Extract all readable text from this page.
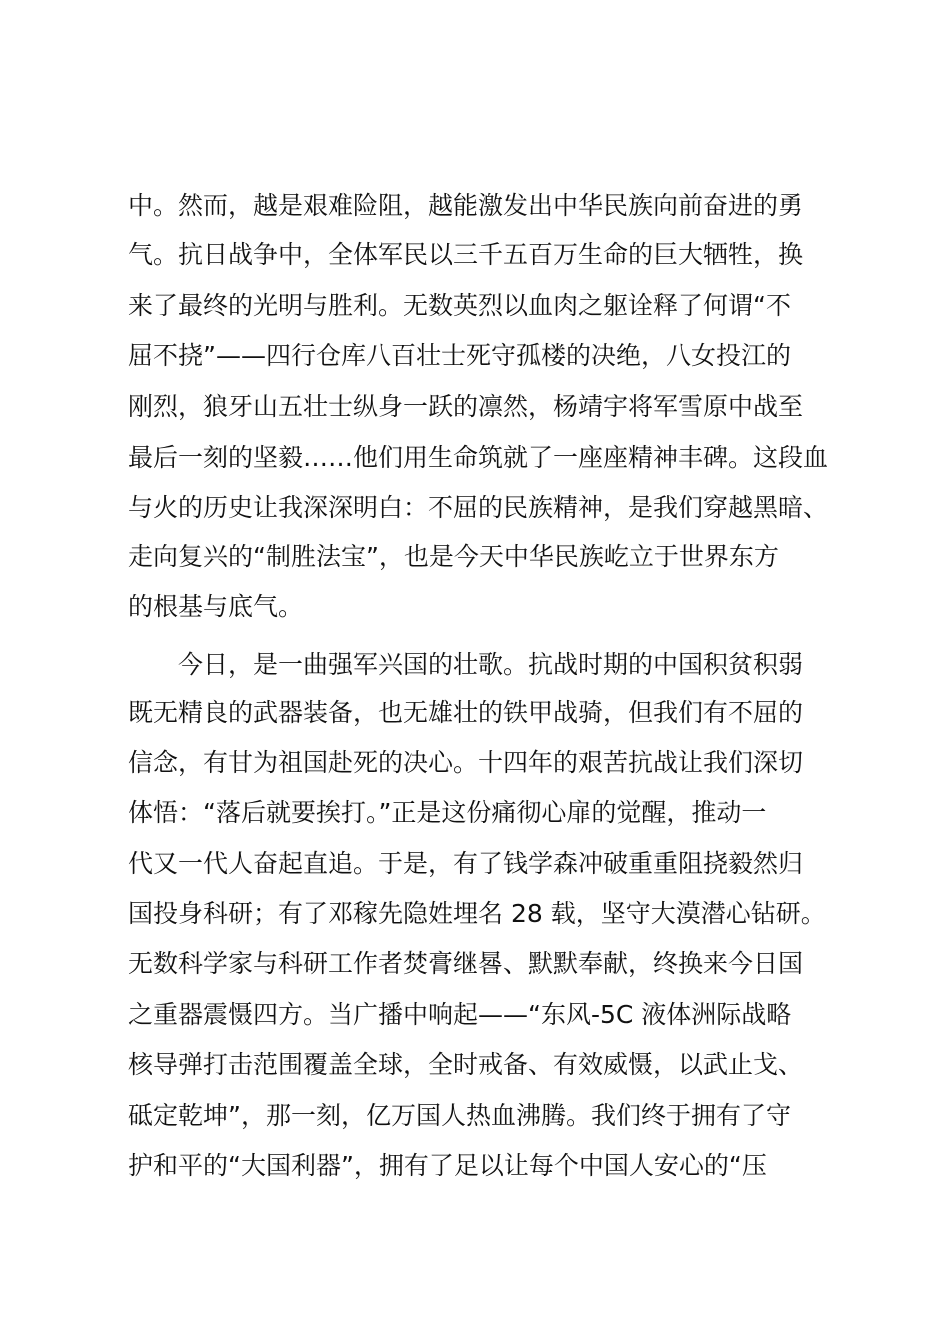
中。然而，越是艰难险阻，越能激发出中华民族向前奋进的勇
气。抗日战争中，全体军民以三千五百万生命的巨大牺牲，换
来了最终的光明与胜利。无数英烈以血肉之躯诠释了何谓“不
屈不挠”——四行仓库八百壮士死守孤楼的决绝，八女投江的
刚烈，狼牙山五壮士纵身一跃的凛然，杨靖宇将军雪原中战至
最后一刻的坚毅……他们用生命筑就了一座座精神丰碑。这段血
与火的历史让我深深明白：不屈的民族精神，是我们穿越黑暗、
走向复兴的“制胜法宝”，也是今天中华民族屹立于世界东方
的根基与底气。
今日，是一曲强军兴国的壮歌。抗战时期的中国积贫积弱
既无精良的武器装备，也无雄壮的铁甲战骑，但我们有不屈的
信念，有甘为祖国赴死的决心。十四年的艰苦抗战让我们深切
体悟：“落后就要挨打。”正是这份痛彻心扉的觉醒，推动一
代又一代人奋起直追。于是，有了钱学森冲破重重阻挠毅然归
国投身科研；有了邓稼先隐姓埋名 28 载，坚守大漠潜心钻研。
无数科学家与科研工作者焚膏继晷、默默奉献，终换来今日国
之重器震慑四方。当广播中响起——“东风-5C 液体洲际战略
核导弹打击范围覆盖全球，全时戒备、有效威慑，以武止戈、
砥定乾坤”，那一刻，亿万国人热血沸腾。我们终于拥有了守
护和平的“大国利器”，拥有了足以让每个中国人安心的“压
